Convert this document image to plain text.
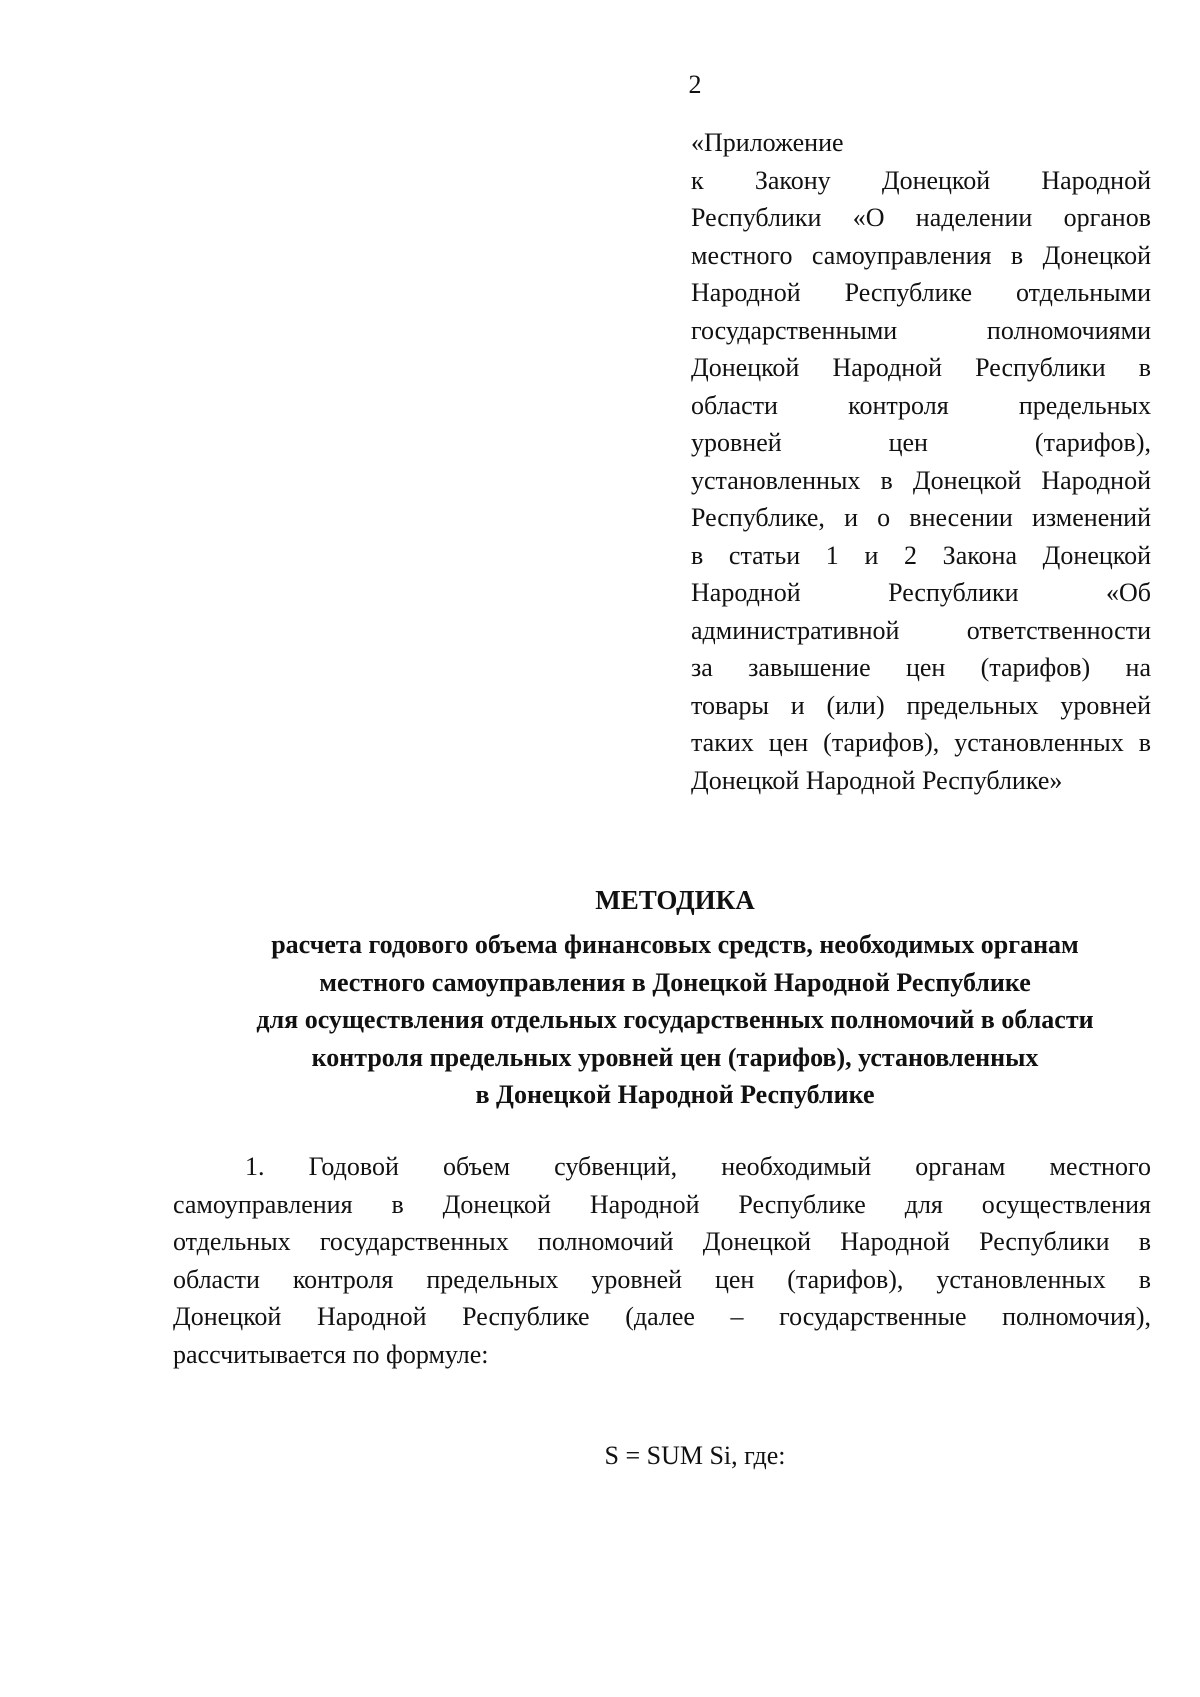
2
«Приложение
к Закону Донецкой Народной
Республики «О наделении органов
местного самоуправления в Донецкой
Народной Республике отдельными
государственными полномочиями
Донецкой Народной Республики в
области контроля предельных
уровней цен (тарифов),
установленных в Донецкой Народной
Республике, и о внесении изменений
в статьи 1 и 2 Закона Донецкой
Народной Республики «Об
административной ответственности
за завышение цен (тарифов) на
товары и (или) предельных уровней
таких цен (тарифов), установленных в
Донецкой Народной Республике»
МЕТОДИКА
расчета годового объема финансовых средств, необходимых органам
местного самоуправления в Донецкой Народной Республике
для осуществления отдельных государственных полномочий в области
контроля предельных уровней цен (тарифов), установленных
в Донецкой Народной Республике
1. Годовой объем субвенций, необходимый органам местного
самоуправления в Донецкой Народной Республике для осуществления
отдельных государственных полномочий Донецкой Народной Республики в
области контроля предельных уровней цен (тарифов), установленных в
Донецкой Народной Республике (далее – государственные полномочия),
рассчитывается по формуле:
S = SUM Si, где:
